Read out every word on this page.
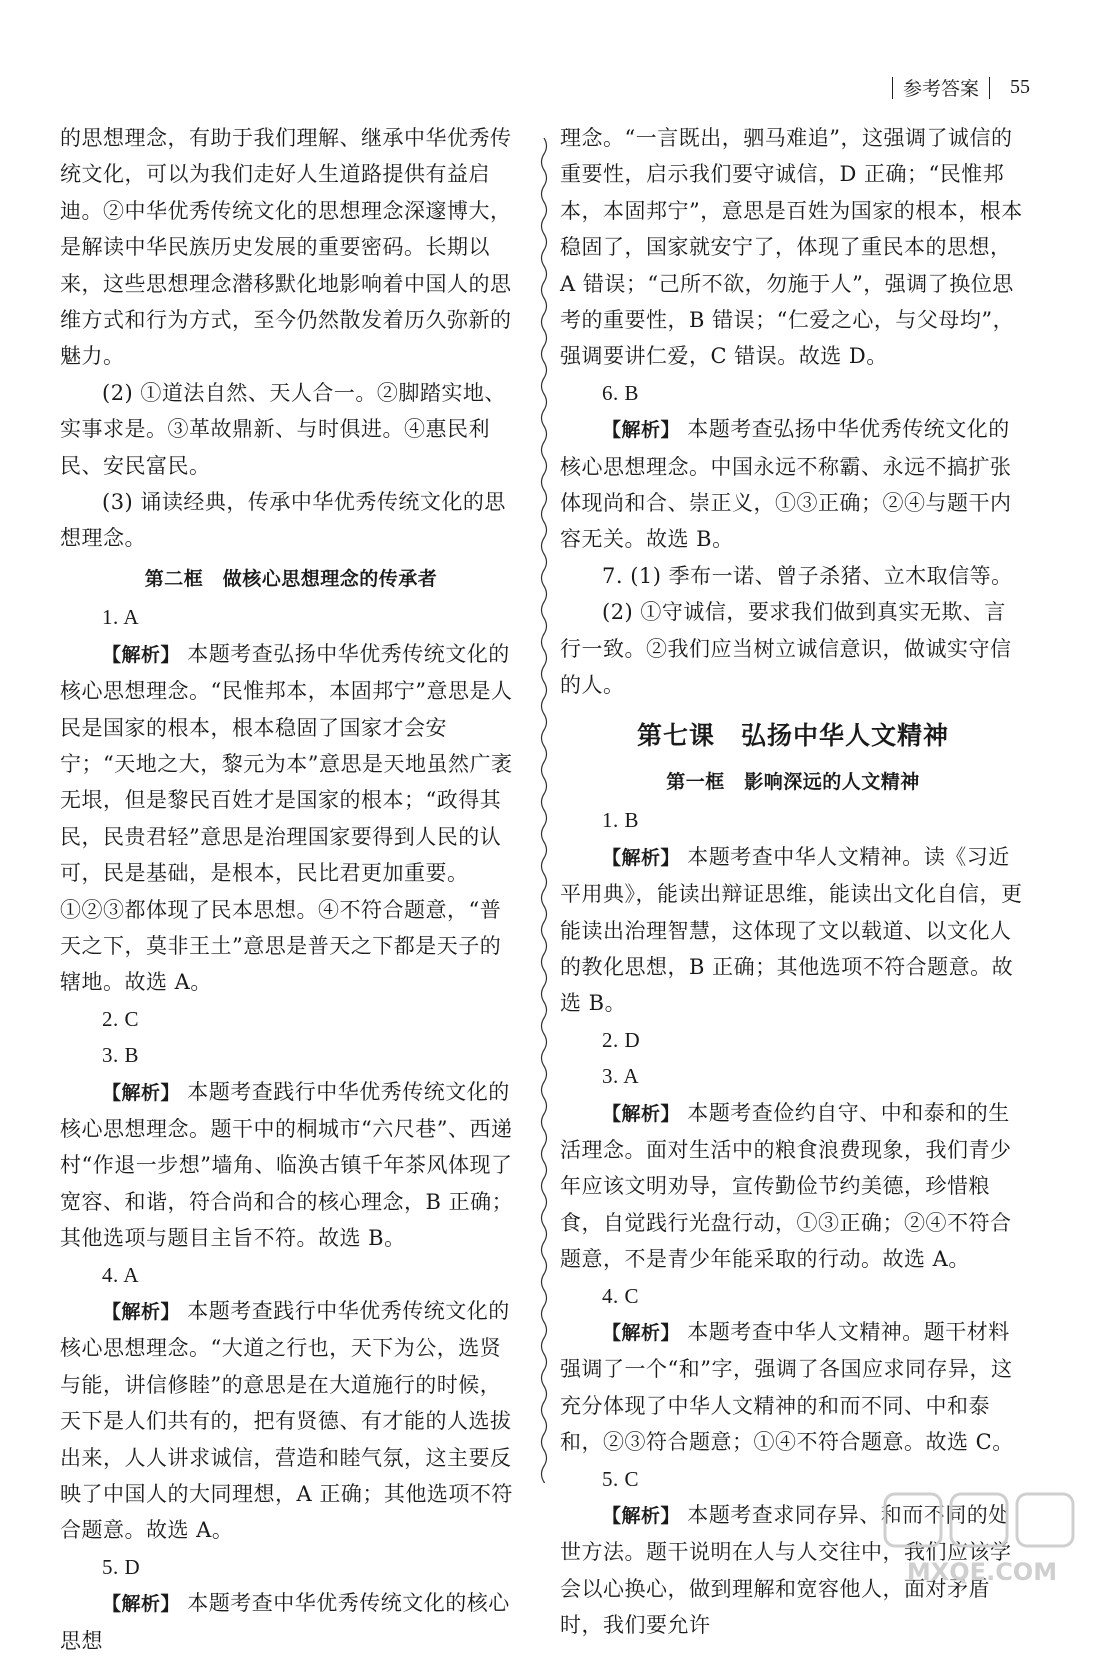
参考答案 55

的思想理念，有助于我们理解、继承中华优秀传统文化，可以为我们走好人生道路提供有益启迪。②中华优秀传统文化的思想理念深邃博大，是解读中华民族历史发展的重要密码。长期以来，这些思想理念潜移默化地影响着中国人的思维方式和行为方式，至今仍然散发着历久弥新的魅力。

(2) ①道法自然、天人合一。②脚踏实地、实事求是。③革故鼎新、与时俱进。④惠民利民、安民富民。

(3) 诵读经典，传承中华优秀传统文化的思想理念。

第二框　做核心思想理念的传承者

1. A

【解析】 本题考查弘扬中华优秀传统文化的核心思想理念。“民惟邦本，本固邦宁”意思是人民是国家的根本，根本稳固了国家才会安宁；“天地之大，黎元为本”意思是天地虽然广袤无垠，但是黎民百姓才是国家的根本；“政得其民，民贵君轻”意思是治理国家要得到人民的认可，民是基础，是根本，民比君更加重要。①②③都体现了民本思想。④不符合题意，“普天之下，莫非王土”意思是普天之下都是天子的辖地。故选 A。

2. C

3. B

【解析】 本题考查践行中华优秀传统文化的核心思想理念。题干中的桐城市“六尺巷”、西递村“作退一步想”墙角、临涣古镇千年茶风体现了宽容、和谐，符合尚和合的核心理念，B 正确；其他选项与题目主旨不符。故选 B。

4. A

【解析】 本题考查践行中华优秀传统文化的核心思想理念。“大道之行也，天下为公，选贤与能，讲信修睦”的意思是在大道施行的时候，天下是人们共有的，把有贤德、有才能的人选拔出来，人人讲求诚信，营造和睦气氛，这主要反映了中国人的大同理想，A 正确；其他选项不符合题意。故选 A。

5. D

【解析】 本题考查中华优秀传统文化的核心思想

理念。“一言既出，驷马难追”，这强调了诚信的重要性，启示我们要守诚信，D 正确；“民惟邦本，本固邦宁”，意思是百姓为国家的根本，根本稳固了，国家就安宁了，体现了重民本的思想，A 错误；“己所不欲，勿施于人”，强调了换位思考的重要性，B 错误；“仁爱之心，与父母均”，强调要讲仁爱，C 错误。故选 D。

6. B

【解析】 本题考查弘扬中华优秀传统文化的核心思想理念。中国永远不称霸、永远不搞扩张体现尚和合、崇正义，①③正确；②④与题干内容无关。故选 B。

7. (1) 季布一诺、曾子杀猪、立木取信等。

(2) ①守诚信，要求我们做到真实无欺、言行一致。②我们应当树立诚信意识，做诚实守信的人。

第七课　弘扬中华人文精神

第一框　影响深远的人文精神

1. B

【解析】 本题考查中华人文精神。读《习近平用典》，能读出辩证思维，能读出文化自信，更能读出治理智慧，这体现了文以载道、以文化人的教化思想，B 正确；其他选项不符合题意。故选 B。

2. D

3. A

【解析】 本题考查俭约自守、中和泰和的生活理念。面对生活中的粮食浪费现象，我们青少年应该文明劝导，宣传勤俭节约美德，珍惜粮食，自觉践行光盘行动，①③正确；②④不符合题意，不是青少年能采取的行动。故选 A。

4. C

【解析】 本题考查中华人文精神。题干材料强调了一个“和”字，强调了各国应求同存异，这充分体现了中华人文精神的和而不同、中和泰和，②③符合题意；①④不符合题意。故选 C。

5. C

【解析】 本题考查求同存异、和而不同的处世方法。题干说明在人与人交往中，我们应该学会以心换心，做到理解和宽容他人，面对矛盾时，我们要允许

MXQE.COM
